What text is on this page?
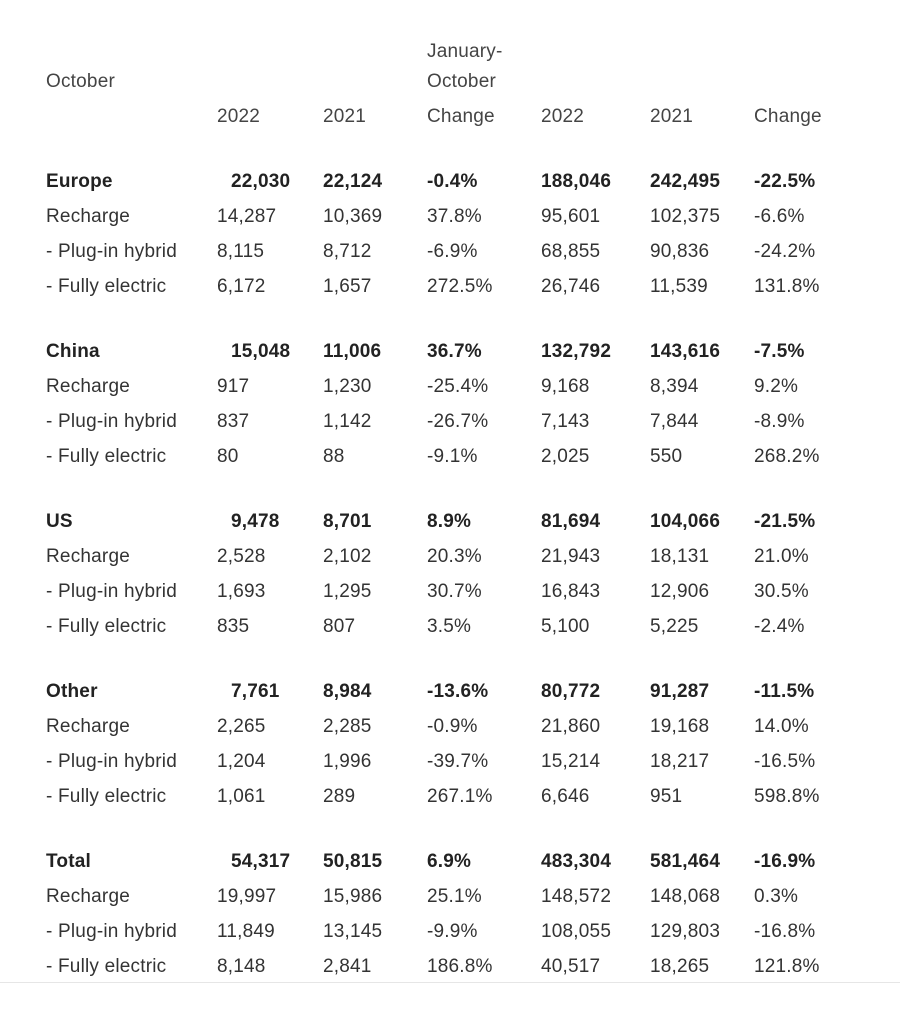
January-
October	October
2022	2021	Change 2022	2021	Change
Europe	22,030 22,124 -0.4%	188,046 242,495 -22.5%
Recharge	14,287 10,369 37.8%	95,601	102,375 -6.6%
- Plug-in hybrid 8,115	8,712	-6.9%	68,855	90,836 -24.2%
- Fully electric	6,172	1,657	272.5%	26,746	11,539 131.8%
China	15,048 11,006 36.7%	132,792 143,616 -7.5%
Recharge	917	1,230	-25.4%	9,168	8,394	9.2%
- Plug-in hybrid 837	1,142	-26.7%	7,143	7,844	-8.9%
- Fully electric	80	88	-9.1%	2,025	550	268.2%
US	9,478 8,701	8.9%	81,694	104,066 -21.5%
Recharge	2,528	2,102	20.3%	21,943	18,131 21.0%
- Plug-in hybrid 1,693	1,295	30.7%	16,843	12,906 30.5%
- Fully electric	835	807	3.5%	5,100	5,225	-2.4%
Other	7,761 8,984	-13.6%	80,772	91,287 -11.5%
Recharge	2,265	2,285	-0.9%	21,860	19,168 14.0%
- Plug-in hybrid 1,204	1,996	-39.7%	15,214	18,217 -16.5%
- Fully electric	1,061	289	267.1%	6,646	951	598.8%
Total	54,317 50,815 6.9%	483,304 581,464 -16.9%
Recharge	19,997 15,986 25.1%	148,572 148,068 0.3%
- Plug-in hybrid 11,849	13,145 -9.9%	108,055 129,803 -16.8%
- Fully electric	8,148	2,841	186.8%	40,517	18,265 121.8%
